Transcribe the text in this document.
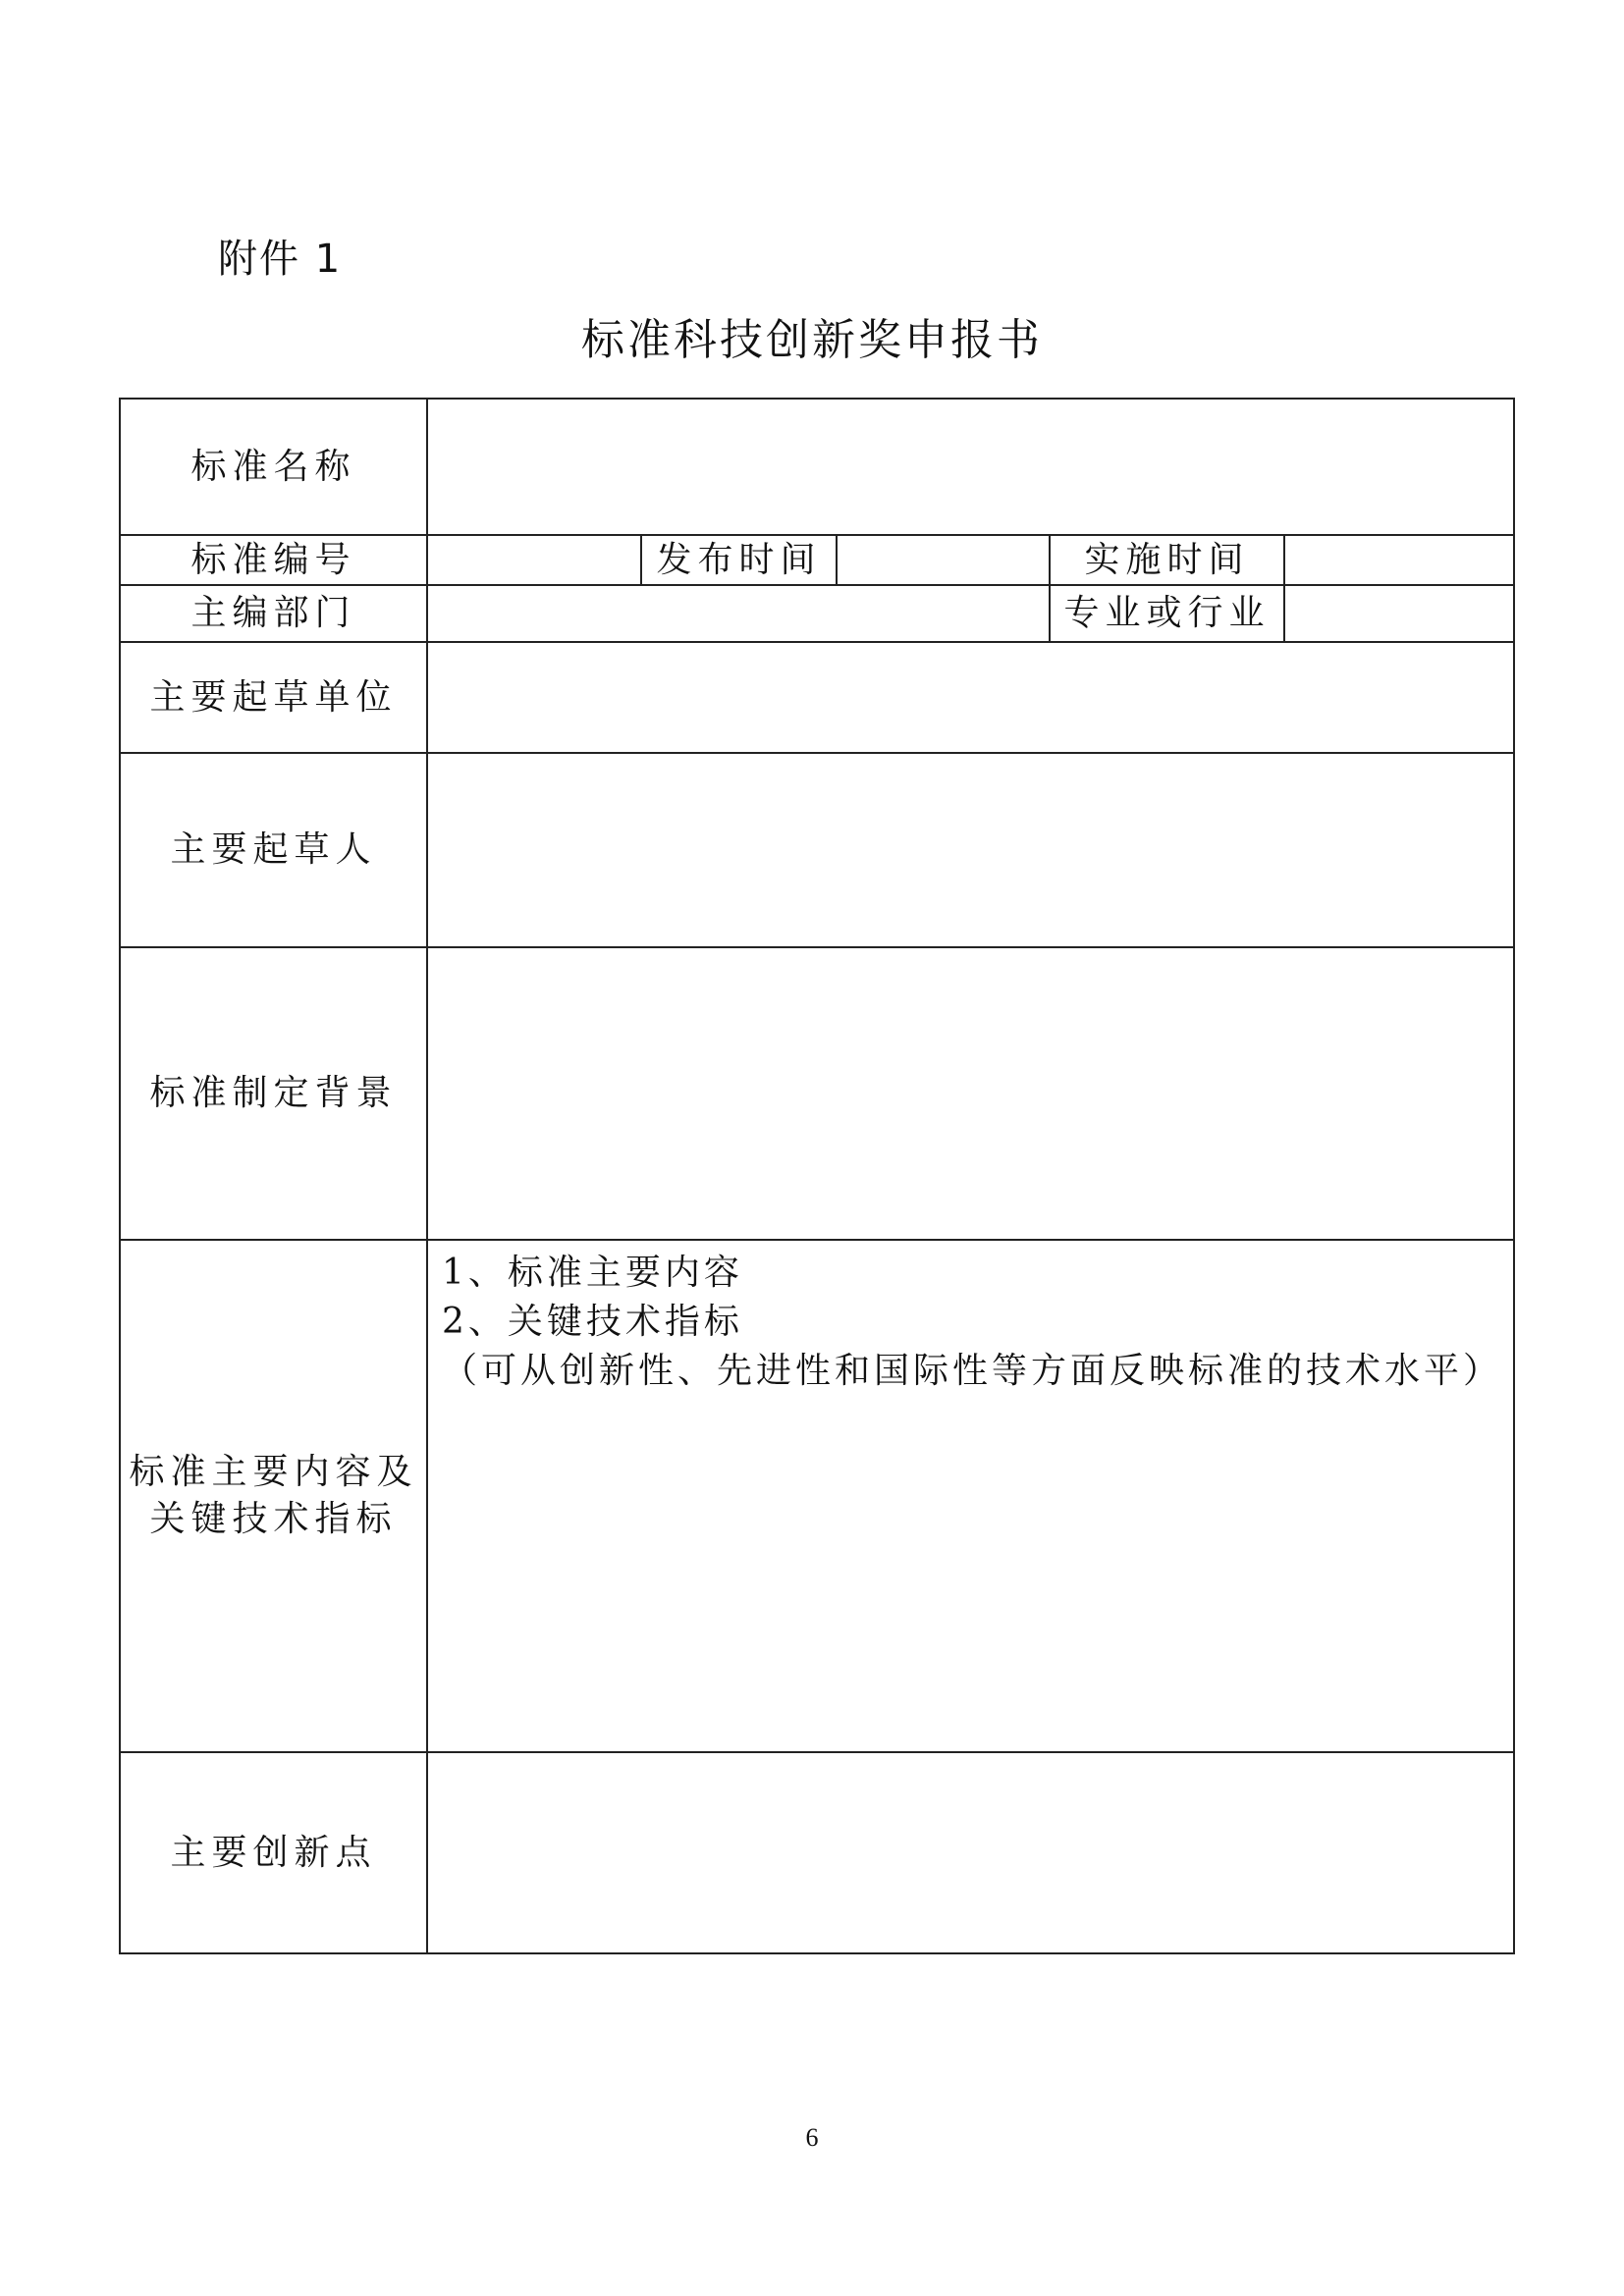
附件 1
标准科技创新奖申报书
标准名称					
标准编号		发布时间		实施时间	
主编部门				专业或行业	
主要起草单位					
主要起草人					
标准制定背景					

标准主要内容及
关键技术指标	1、标准主要内容
2、关键技术指标
（可从创新性、先进性和国际性等方面反映标准的技术水平）				

主要创新点					
6
